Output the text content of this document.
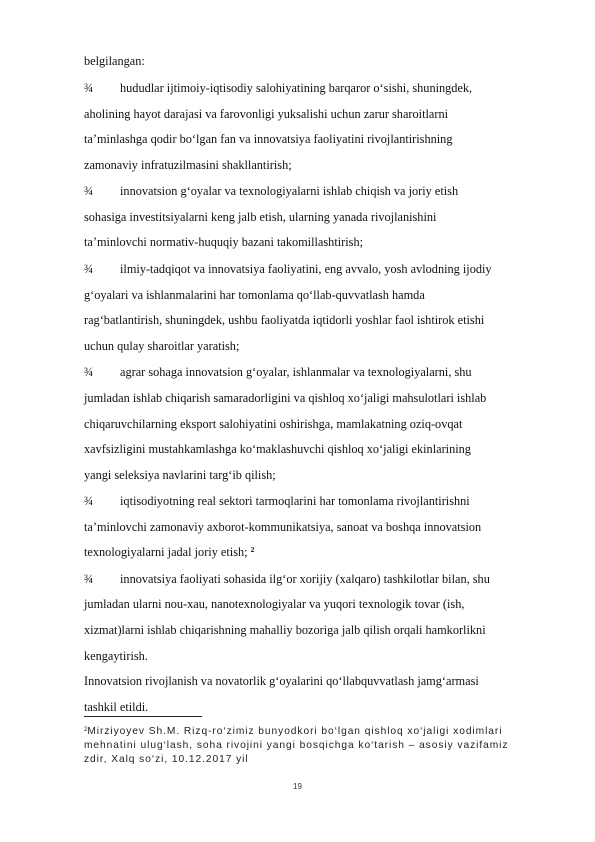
belgilangan:
¾ hududlar ijtimoiy-iqtisodiy salohiyatining barqaror o‘sishi, shuningdek,
aholining hayot darajasi va farovonligi yuksalishi uchun zarur sharoitlarni
ta’minlashga qodir bo‘lgan fan va innovatsiya faoliyatini rivojlantirishning
zamonaviy infratuzilmasini shakllantirish;
¾ innovatsion g‘oyalar va texnologiyalarni ishlab chiqish va joriy etish
sohasiga investitsiyalarni keng jalb etish, ularning yanada rivojlanishini
ta’minlovchi normativ-huquqiy bazani takomillashtirish;
¾ ilmiy-tadqiqot va innovatsiya faoliyatini, eng avvalo, yosh avlodning ijodiy
g‘oyalari va ishlanmalarini har tomonlama qo‘llab-quvvatlash hamda
rag‘batlantirish, shuningdek, ushbu faoliyatda iqtidorli yoshlar faol ishtirok etishi
uchun qulay sharoitlar yaratish;
¾ agrar sohaga innovatsion g‘oyalar, ishlanmalar va texnologiyalarni, shu
jumladan ishlab chiqarish samaradorligini va qishloq xo‘jaligi mahsulotlari ishlab
chiqaruvchilarning eksport salohiyatini oshirishga, mamlakatning oziq-ovqat
xavfsizligini mustahkamlashga ko‘maklashuvchi qishloq xo‘jaligi ekinlarining
yangi seleksiya navlarini targ‘ib qilish;
¾ iqtisodiyotning real sektori tarmoqlarini har tomonlama rivojlantirishni
ta’minlovchi zamonaviy axborot-kommunikatsiya, sanoat va boshqa innovatsion
texnologiyalarni jadal joriy etish; $^2$
¾ innovatsiya faoliyati sohasida ilg‘or xorijiy (xalqaro) tashkilotlar bilan, shu
jumladan ularni nou-xau, nanotexnologiyalar va yuqori texnologik tovar (ish,
xizmat)larni ishlab chiqarishning mahalliy bozoriga jalb qilish orqali hamkorlikni
kengaytirish.
Innovatsion rivojlanish va novatorlik g‘oyalarini qo‘llabquvvatlash jamg‘armasi
tashkil etildi.
$^2$Mirziyoyev Sh.M. Rizq-ro‘zimiz bunyodkori bo‘lgan qishloq xo‘jaligi xodimlari
mehnatini ulug‘lash, soha rivojini yangi bosqichga ko‘tarish – asosiy vazifamiz
zdir, Xalq so‘zi, 10.12.2017 yil
19
